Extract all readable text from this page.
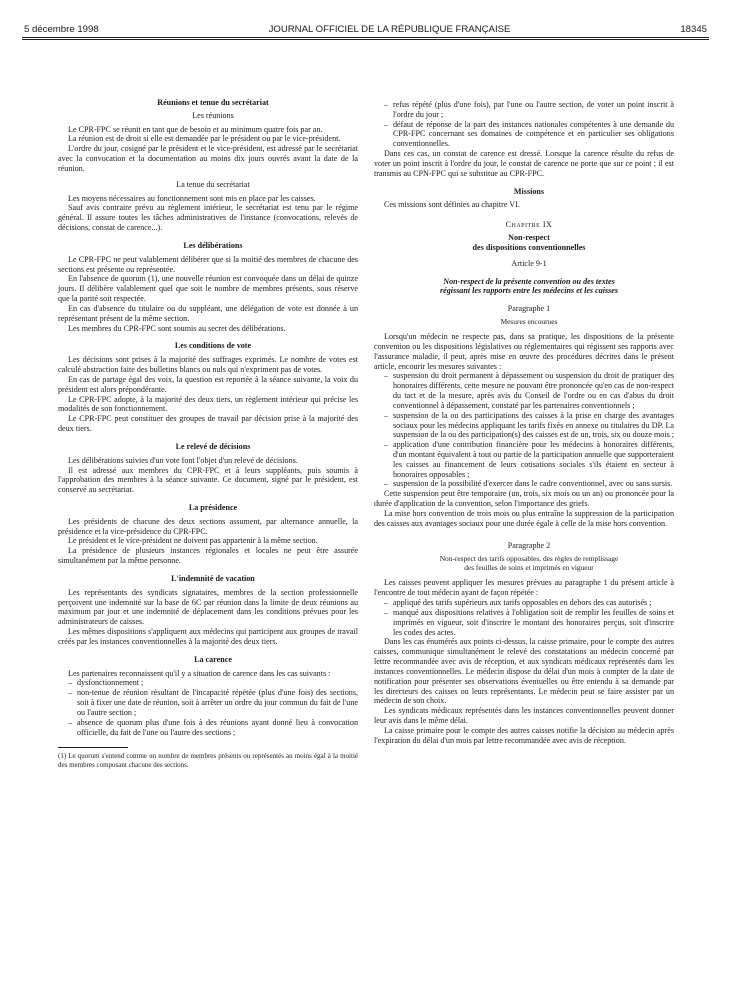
5 décembre 1998	JOURNAL OFFICIEL DE LA RÉPUBLIQUE FRANÇAISE	18345

Réunions et tenue du secrétariat

Les réunions

Le CPR-FPC se réunit en tant que de besoin et au minimum quatre fois par an.

La réunion est de droit si elle est demandée par le président ou par le vice-président.

L'ordre du jour, cosigné par le président et le vice-président, est adressé par le secrétariat avec la convocation et la documentation au moins dix jours ouvrés avant la date de la réunion.

La tenue du secrétariat

Les moyens nécessaires au fonctionnement sont mis en place par les caisses.

Sauf avis contraire prévu au règlement intérieur, le secrétariat est tenu par le régime général. Il assure toutes les tâches administratives de l'instance (convocations, relevés de décisions, constat de carence...).

Les délibérations

Le CPR-FPC ne peut valablement délibérer que si la moitié des membres de chacune des sections est présente ou représentée.

En l'absence de quorum (1), une nouvelle réunion est convoquée dans un délai de quinze jours. Il délibère valablement quel que soit le nombre de membres présents, sous réserve que la parité soit respectée.

En cas d'absence du titulaire ou du suppléant, une délégation de vote est donnée à un représentant présent de la même section.

Les membres du CPR-FPC sont soumis au secret des délibérations.

Les conditions de vote

Les décisions sont prises à la majorité des suffrages exprimés. Le nombre de votes est calculé abstraction faite des bulletins blancs ou nuls qui n'expriment pas de votes.

En cas de partage égal des voix, la question est reportée à la séance suivante, la voix du président est alors prépondérante.

Le CPR-FPC adopte, à la majorité des deux tiers, un règlement intérieur qui précise les modalités de son fonctionnement.

Le CPR-FPC peut constituer des groupes de travail par décision prise à la majorité des deux tiers.

Le relevé de décisions

Les délibérations suivies d'un vote font l'objet d'un relevé de décisions.

Il est adressé aux membres du CPR-FPC et à leurs suppléants, puis soumis à l'approbation des membres à la séance suivante. Ce document, signé par le président, est conservé au secrétariat.

La présidence

Les présidents de chacune des deux sections assument, par alternance annuelle, la présidence et la vice-présidence du CPR-FPC.

Le président et le vice-président ne doivent pas appartenir à la même section.

La présidence de plusieurs instances régionales et locales ne peut être assurée simultanément par la même personne.

L'indemnité de vacation

Les représentants des syndicats signataires, membres de la section professionnelle perçoivent une indemnité sur la base de 6C par réunion dans la limite de deux réunions au maximum par jour et une indemnité de déplacement dans les conditions prévues pour les administrateurs de caisses.

Les mêmes dispositions s'appliquent aux médecins qui participent aux groupes de travail créés par les instances conventionnelles à la majorité des deux tiers.

La carence

Les partenaires reconnaissent qu'il y a situation de carence dans les cas suivants :

– dysfonctionnement ;
– non-tenue de réunion résultant de l'incapacité répétée (plus d'une fois) des sections, soit à fixer une date de réunion, soit à arrêter un ordre du jour commun du fait de l'une ou l'autre section ;
– absence de quorum plus d'une fois à des réunions ayant donné lieu à convocation officielle, du fait de l'une ou l'autre des sections ;

(1) Le quorum s'entend comme un nombre de membres présents ou représentés au moins égal à la moitié des membres composant chacune des sections.

– refus répété (plus d'une fois), par l'une ou l'autre section, de voter un point inscrit à l'ordre du jour ;
– défaut de réponse de la part des instances nationales compétentes à une demande du CPR-FPC concernant ses domaines de compétence et en particulier ses obligations conventionnelles.

Dans ces cas, un constat de carence est dressé. Lorsque la carence résulte du refus de voter un point inscrit à l'ordre du jour, le constat de carence ne porte que sur ce point ; il est transmis au CPN-FPC qui se substitue au CPR-FPC.

Missions

Ces missions sont définies au chapitre VI.

Chapitre IX

Non-respect

des dispositions conventionnelles

Article 9-1

Non-respect de la présente convention ou des textes

régissant les rapports entre les médecins et les caisses

Paragraphe 1

Mesures encourues

Lorsqu'un médecin ne respecte pas, dans sa pratique, les dispositions de la présente convention ou les dispositions législatives ou réglementaires qui régissent ses rapports avec l'assurance maladie, il peut, après mise en œuvre des procédures décrites dans le présent article, encourir les mesures suivantes :

– suspension du droit permanent à dépassement ou suspension du droit de pratiquer des honoraires différents, cette mesure ne pouvant être prononcée qu'en cas de non-respect du tact et de la mesure, après avis du Conseil de l'ordre ou en cas d'abus du droit conventionnel à dépassement, constaté par les partenaires conventionnels ;
– suspension de la ou des participations des caisses à la prise en charge des avantages sociaux pour les médecins appliquant les tarifs fixés en annexe ou titulaires du DP. La suspension de la ou des participation(s) des caisses est de un, trois, six ou douze mois ;
– application d'une contribution financière pour les médecins à honoraires différents, d'un montant équivalent à tout ou partie de la participation annuelle que supporteraient les caisses au financement de leurs cotisations sociales s'ils étaient en secteur à honoraires opposables ;
– suspension de la possibilité d'exercer dans le cadre conventionnel, avec ou sans sursis.

Cette suspension peut être temporaire (un, trois, six mois ou un an) ou prononcée pour la durée d'application de la convention, selon l'importance des griefs.

La mise hors convention de trois mois ou plus entraîne la suppression de la participation des caisses aux avantages sociaux pour une durée égale à celle de la mise hors convention.

Paragraphe 2

Non-respect des tarifs opposables, des règles de remplissage

des feuilles de soins et imprimés en vigueur

Les caisses peuvent appliquer les mesures prévues au paragraphe 1 du présent article à l'encontre de tout médecin ayant de façon répétée :

– appliqué des tarifs supérieurs aux tarifs opposables en dehors des cas autorisés ;
– manqué aux dispositions relatives à l'obligation soit de remplir les feuilles de soins et imprimés en vigueur, soit d'inscrire le montant des honoraires perçus, soit d'inscrire les codes des actes.

Dans les cas énumérés aux points ci-dessus, la caisse primaire, pour le compte des autres caisses, communique simultanément le relevé des constatations au médecin concerné par lettre recommandée avec avis de réception, et aux syndicats médicaux représentés dans les instances conventionnelles. Le médecin dispose du délai d'un mois à compter de la date de notification pour présenter ses observations éventuelles ou être entendu à sa demande par les directeurs des caisses ou leurs représentants. Le médecin peut se faire assister par un médecin de son choix.

Les syndicats médicaux représentés dans les instances conventionnelles peuvent donner leur avis dans le même délai.

La caisse primaire pour le compte des autres caisses notifie la décision au médecin après l'expiration du délai d'un mois par lettre recommandée avec avis de réception.
